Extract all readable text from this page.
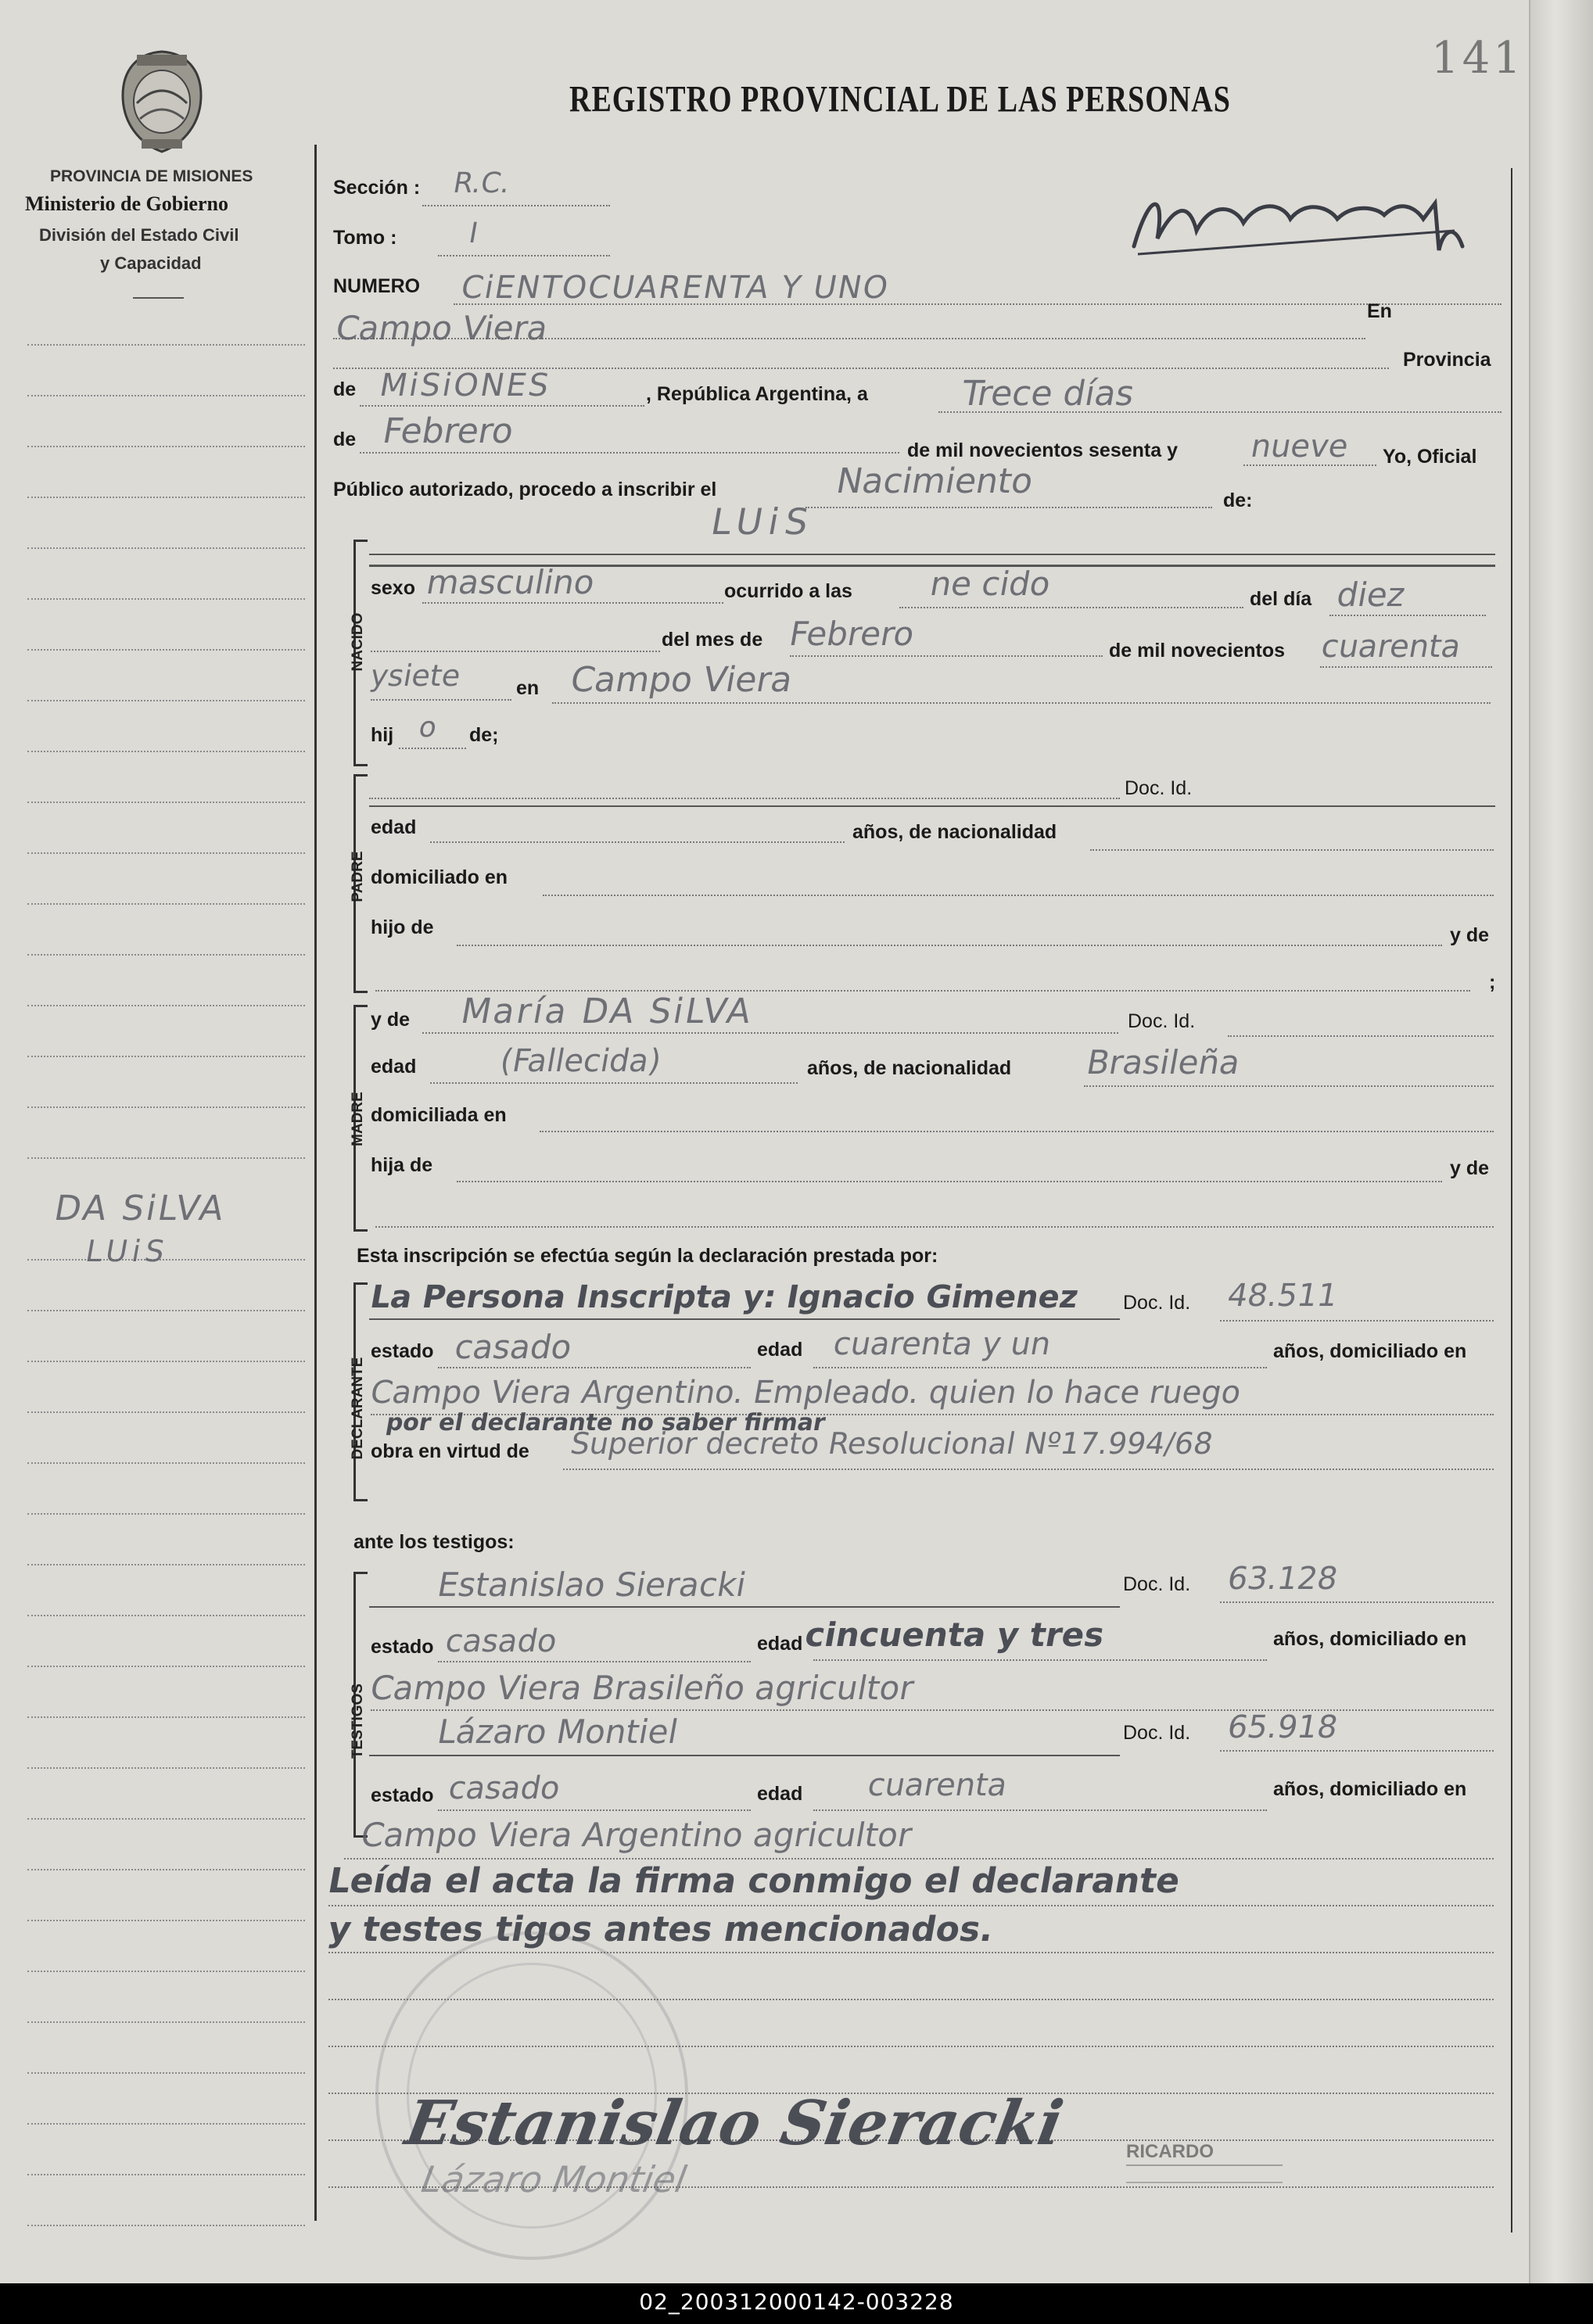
141
REGISTRO PROVINCIAL DE LAS PERSONAS
PROVINCIA DE MISIONES
Ministerio de Gobierno
División del Estado Civil
y Capacidad
DA SiLVA
LUiS
Sección : R.C.
Tomo : I
NUMERO CiENTOCUARENTA Y UNO
Campo Viera	En
Provincia
de MiSiONES	, República Argentina, a	Trece días
de Febrero	de mil novecientos sesenta y nueve Yo, Oficial
Público autorizado, procedo a inscribir el	Nacimiento	de:
NACIDO
LUiS
sexo masculino	ocurrido a las ne cido	del día diez
del mes de Febrero	de mil novecientos cuarenta
ysiete	en Campo Viera
hij o de;
PADRE
Doc. Id.
edad	años, de nacionalidad
domiciliado en
hijo de	y de
;
MADRE
y de María DA SiLVA	Doc. Id.
edad	(Fallecida)	años, de nacionalidad Brasileña
domiciliada en
hija de	y de
Esta inscripción se efectúa según la declaración prestada por:
DECLARANTE
La Persona Inscripta y: Ignacio Gimenez Doc. Id. 48.511
estado casado	edad cuarenta y un	años, domiciliado en
Campo Viera Argentino. Empleado. quien lo hace ruego
por el declarante no saber firmar
obra en virtud de Superior decreto Resolucional Nº17.994/68
ante los testigos:
TESTIGOS
Estanislao Sieracki	Doc. Id. 63.128
estado casado	edad cincuenta y tres	años, domiciliado en
Campo Viera Brasileño agricultor
Lázaro Montiel	Doc. Id. 65.918
estado casado	edad cuarenta	años, domiciliado en
Campo Viera Argentino agricultor
Leída el acta la firma conmigo el declarante
y testes tigos antes mencionados.
Estanislao Sieracki
Lázaro Montiel
RICARDO
02_200312000142-003228
